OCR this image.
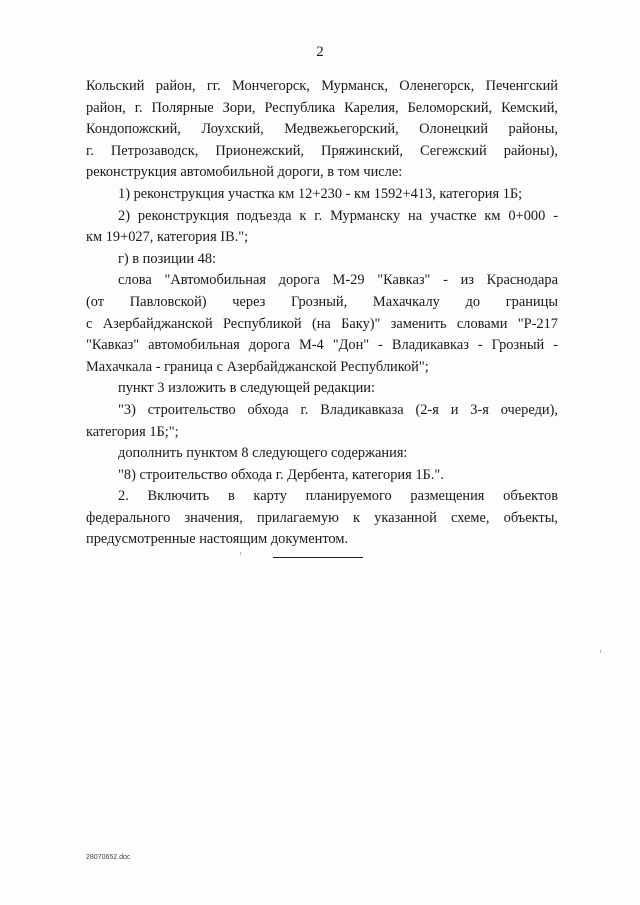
2

Кольский район, гг. Мончегорск, Мурманск, Оленегорск, Печенгский

район, г. Полярные Зори, Республика Карелия, Беломорский, Кемский,

Кондопожский, Лоухский, Медвежьегорский, Олонецкий районы,

г. Петрозаводск, Прионежский, Пряжинский, Сегежский районы),

реконструкция автомобильной дороги, в том числе:

1) реконструкция участка км 12+230 - км 1592+413, категория 1Б;

2) реконструкция подъезда к г. Мурманску на участке км 0+000 -

км 19+027, категория IB.";

г) в позиции 48:

слова "Автомобильная дорога М-29 "Кавказ" - из Краснодара

(от Павловской) через Грозный, Махачкалу до границы

с Азербайджанской Республикой (на Баку)" заменить словами "Р-217

"Кавказ" автомобильная дорога М-4 "Дон" - Владикавказ - Грозный -

Махачкала - граница с Азербайджанской Республикой";

пункт 3 изложить в следующей редакции:

"3) строительство обхода г. Владикавказа (2-я и 3-я очереди),

категория 1Б;";

дополнить пунктом 8 следующего содержания:

"8) строительство обхода г. Дербента, категория 1Б.".

2. Включить в карту планируемого размещения объектов

федерального значения, прилагаемую к указанной схеме, объекты,

предусмотренные настоящим документом.

28070652.doc
